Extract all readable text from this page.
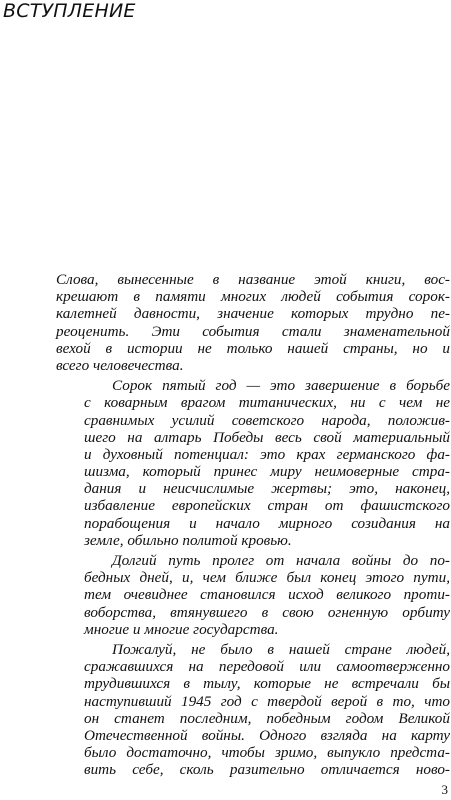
ВСТУПЛЕНИЕ
Слова, вынесенные в название этой книги, вос-
крешают в памяти многих людей события сорок-
калетней давности, значение которых трудно пе-
реоценить. Эти события стали знаменательной
вехой в истории не только нашей страны, но и
всего человечества.
Сорок пятый год — это завершение в борьбе
с коварным врагом титанических, ни с чем не
сравнимых усилий советского народа, положив-
шего на алтарь Победы весь свой материальный
и духовный потенциал: это крах германского фа-
шизма, который принес миру неимоверные стра-
дания и неисчислимые жертвы; это, наконец,
избавление европейских стран от фашистского
порабощения и начало мирного созидания на
земле, обильно политой кровью.
Долгий путь пролег от начала войны до по-
бедных дней, и, чем ближе был конец этого пути,
тем очевиднее становился исход великого проти-
воборства, втянувшего в свою огненную орбиту
многие и многие государства.
Пожалуй, не было в нашей стране людей,
сражавшихся на передовой или самоотверженно
трудившихся в тылу, которые не встречали бы
наступивший 1945 год с твердой верой в то, что
он станет последним, победным годом Великой
Отечественной войны. Одного взгляда на карту
было достаточно, чтобы зримо, выпукло предста-
вить себе, сколь разительно отличается ново-
3
